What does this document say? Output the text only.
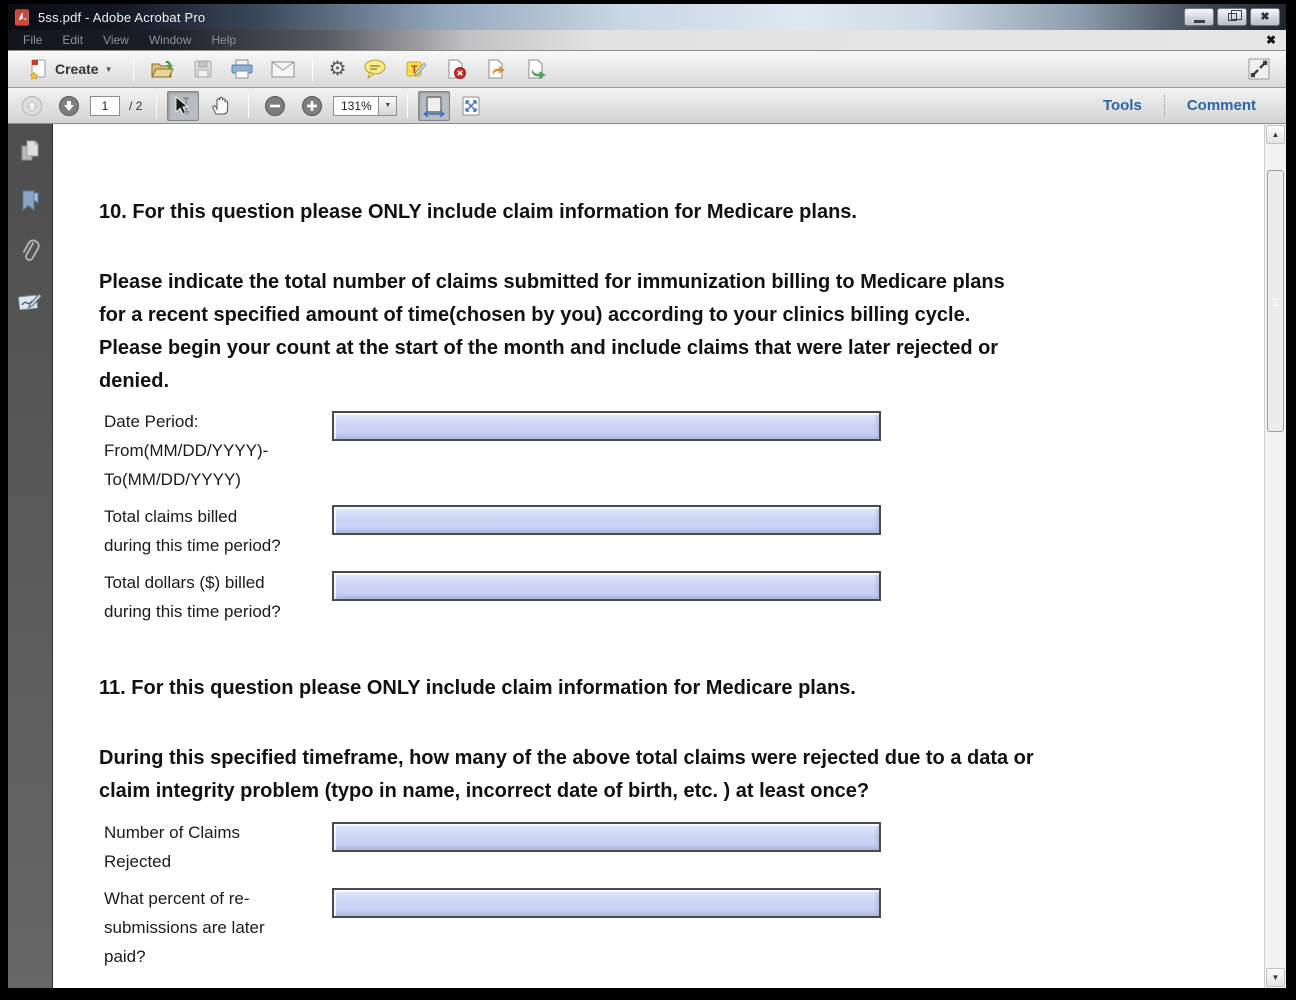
5ss.pdf - Adobe Acrobat Pro	✖
File	Edit	View	Window	Help	✖
Create ▼	⚙	T
1
/ 2	131%	▼	Tools	Comment
10. For this question please ONLY include claim information for Medicare plans.
Please indicate the total number of claims submitted for immunization billing to Medicare plans
for a recent specified amount of time(chosen by you) according to your clinics billing cycle.
Please begin your count at the start of the month and include claims that were later rejected or
denied.
Date Period:
From(MM/DD/YYYY)-
To(MM/DD/YYYY)
Total claims billed
during this time period?
Total dollars ($) billed
during this time period?
11. For this question please ONLY include claim information for Medicare plans.
During this specified timeframe, how many of the above total claims were rejected due to a data or
claim integrity problem (typo in name, incorrect date of birth, etc. ) at least once?
Number of Claims
Rejected
What percent of re-
submissions are later
paid?
▲
▼
